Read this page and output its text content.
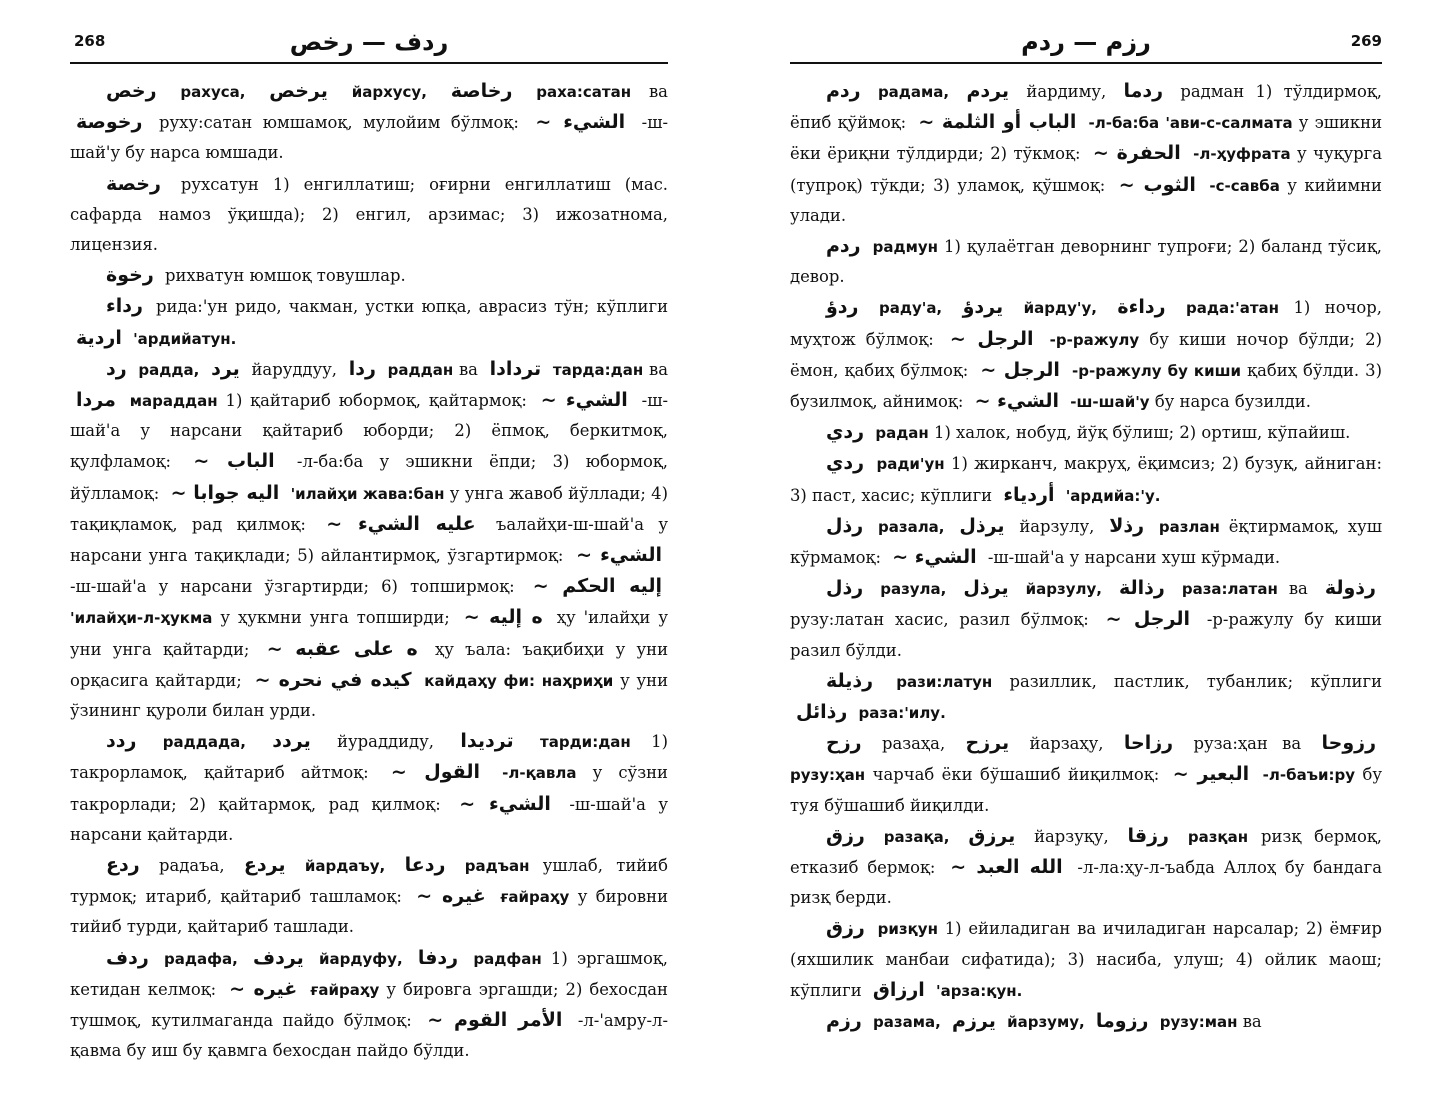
268	ردف — رخص

رخص рахуса, يرخص йархусу, رخاصة раха:сатан ва رخوصة руху:сатан юмшамоқ, мулойим бўлмоқ: الشيء ~ -ш-шай'у бу нарса юмшади.

رخصة рухсатун 1) енгиллатиш; оғирни енгиллатиш (мас. сафарда намоз ўқишда); 2) енгил, арзимас; 3) ижозатнома, лицензия.

رخوة рихватун юмшоқ товушлар.

رداء рида:'ун ридо, чакман, устки юпқа, аврасиз тўн; кўплиги اردية 'ардийатун.

رد радда, يرد йаруддуу, ردا раддан ва تردادا тарда:дан ва مردا мараддан 1) қайтариб юбормоқ, қайтармоқ: الشيء ~ -ш-шай'а у нарсани қайтариб юборди; 2) ёпмоқ, беркитмоқ, қулфламоқ: الباب ~ -л-ба:ба у эшикни ёпди; 3) юбормоқ, йўлламоқ: اليه جوابا ~ 'илайҳи жава:бан у унга жавоб йўллади; 4) тақиқламоқ, рад қилмоқ: عليه الشيء ~ ъалайҳи-ш-шай'а у нарсани унга тақиқлади; 5) айлантирмоқ, ўзгартирмоқ: الشيء ~ -ш-шай'а у нарсани ўзгартирди; 6) топширмоқ: إليه الحكم ~ 'илайҳи-л-ҳукма у ҳукмни унга топширди; ه إليه ~ ҳу 'илайҳи у уни унга қайтарди; ه على عقبه ~ ҳу ъала: ъақибиҳи у уни орқасига қайтарди; كيده في نحره ~ кайдаҳу фи: наҳриҳи у уни ўзининг қуроли билан урди.

ردد раддада, يردد йураддиду, ترديدا тарди:дан 1) такрорламоқ, қайтариб айтмоқ: القول ~ -л-қавла у сўзни такрорлади; 2) қайтармоқ, рад қилмоқ: الشيء ~ -ш-шай'а у нарсани қайтарди.

ردع радаъа, يردع йардаъу, ردعا радъан ушлаб, тийиб турмоқ; итариб, қайтариб ташламоқ: غيره ~ ғайраҳу у бировни тийиб турди, қайтариб ташлади.

ردف радафа, يردف йардуфу, ردفا радфан 1) эргашмоқ, кетидан келмоқ: غيره ~ ғайраҳу у бировга эргашди; 2) бехосдан тушмоқ, кутилмаганда пайдо бўлмоқ: الأمر القوم ~ -л-'амру-л-қавма бу иш бу қавмга бехосдан пайдо бўлди.

269
رزم — ردم

ردم радама, يردم йардиму, ردما радман 1) тўлдирмоқ, ёпиб қўймоқ: الباب أو الثلمة ~ -л-ба:ба 'ави-с-салмата у эшикни ёки ёриқни тўлдирди; 2) тўкмоқ: الحفرة ~ -л-ҳуфрата у чуқурга (тупроқ) тўкди; 3) уламоқ, қўшмоқ: الثوب ~ -с-савба у кийимни улади.

ردم радмун 1) қулаётган деворнинг тупроғи; 2) баланд тўсиқ, девор.

ردؤ раду'а, يردؤ йарду'у, رداءة рада:'атан 1) ночор, муҳтож бўлмоқ: الرجل ~ -р-ражулу бу киши ночор бўлди; 2) ёмон, қабиҳ бўлмоқ: الرجل ~ -р-ражулу бу киши қабиҳ бўлди. 3) бузилмоқ, айнимоқ: الشيء ~ -ш-шай'у бу нарса бузилди.

ردي радан 1) халок, нобуд, йўқ бўлиш; 2) ортиш, кўпайиш.

ردي ради'ун 1) жирканч, макруҳ, ёқимсиз; 2) бузуқ, айниган: 3) паст, хасис; кўплиги أردياء 'ардийа:'у.

رذل разала, يرذل йарзулу, رذلا разлан ёқтирмамоқ, хуш кўрмамоқ: الشيء ~ -ш-шай'а у нарсани хуш кўрмади.

رذل разула, يرذل йарзулу, رذالة раза:латан ва رذولة рузу:латан хасис, разил бўлмоқ: الرجل ~ -р-ражулу бу киши разил бўлди.

رذيلة рази:латун разиллик, пастлик, тубанлик; кўплиги رذائل раза:'илу.

رزح разаҳа, يرزح йарзаҳу, رزاحا руза:ҳан ва رزوحا рузу:ҳан чарчаб ёки бўшашиб йиқилмоқ: البعير ~ -л-баъи:ру бу туя бўшашиб йиқилди.

رزق разақа, يرزق йарзуқу, رزقا разқан ризқ бермоқ, етказиб бермоқ: الله العبد ~ -л-ла:ҳу-л-ъабда Аллоҳ бу бандага ризқ берди.

رزق ризқун 1) ейиладиган ва ичиладиган нарсалар; 2) ёмғир (яхшилик манбаи сифатида); 3) насиба, улуш; 4) ойлик маош; кўплиги ارزاق 'арза:қун.

رزم разама, يرزم йарзуму, رزوما рузу:ман ва
